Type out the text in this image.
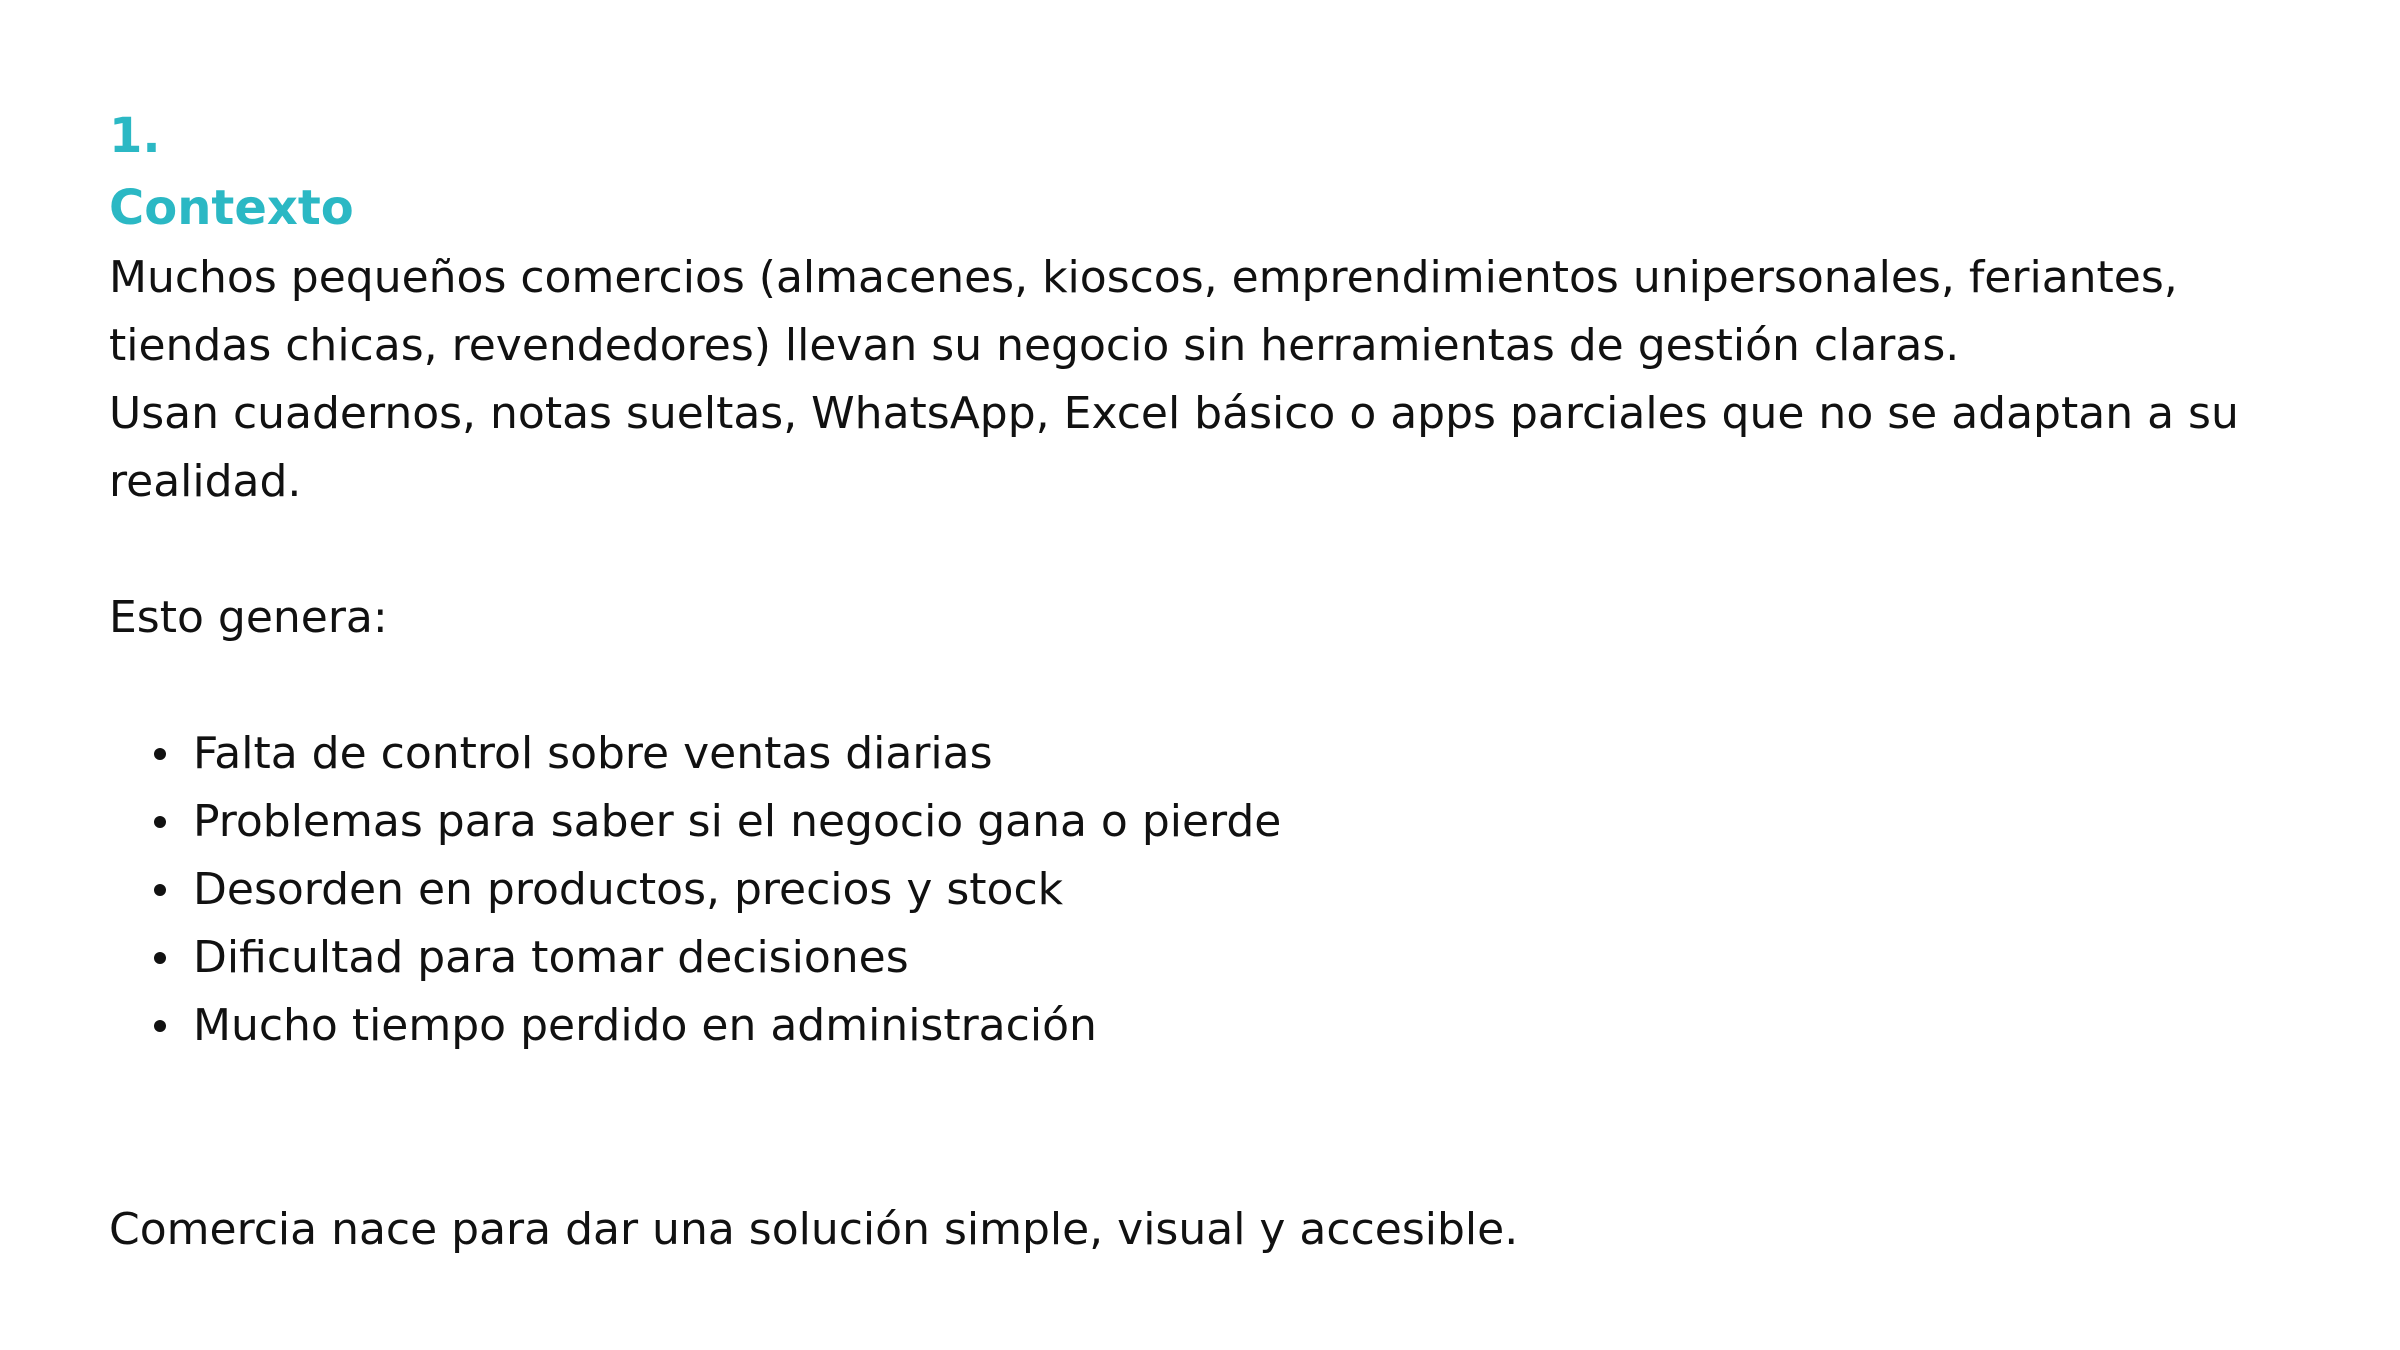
1.
Contexto

Muchos pequeños comercios (almacenes, kioscos, emprendimientos unipersonales, feriantes, tiendas chicas, revendedores) llevan su negocio sin herramientas de gestión claras.

Usan cuadernos, notas sueltas, WhatsApp, Excel básico o apps parciales que no se adaptan a su realidad.

Esto genera:

Falta de control sobre ventas diarias
Problemas para saber si el negocio gana o pierde
Desorden en productos, precios y stock
Dificultad para tomar decisiones
Mucho tiempo perdido en administración

Comercia nace para dar una solución simple, visual y accesible.
